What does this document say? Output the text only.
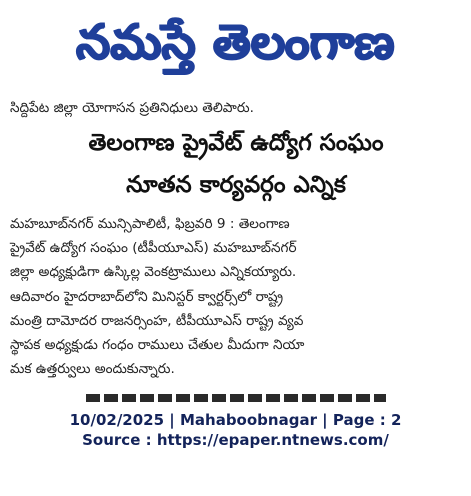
నమస్తే తెలంగాణ

సిద్దిపేట జిల్లా యోగాసన ప్రతినిధులు తెలిపారు.

తెలంగాణ ప్రైవేట్ ఉద్యోగ సంఘం
నూతన కార్యవర్గం ఎన్నిక
మహబూబ్‌నగర్ మున్సిపాలిటీ, ఫిబ్రవరి 9 : తెలంగాణ
ప్రైవేట్ ఉద్యోగ సంఘం (టీపీయూఎస్) మహబూబ్‌నగర్
జిల్లా అధ్యక్షుడిగా ఉస్కిల్ల వెంకట్రాములు ఎన్నికయ్యారు.
ఆదివారం హైదరాబాద్‌లోని మినిస్టర్ క్వార్టర్స్‌లో రాష్ట్ర
మంత్రి దామోదర రాజనర్సింహ, టీపీయూఎస్ రాష్ట్ర వ్యవ
స్థాపక అధ్యక్షుడు గంధం రాములు చేతుల మీదుగా నియా
మక ఉత్తర్వులు అందుకున్నారు.
10/02/2025 | Mahaboobnagar | Page : 2
Source : https://epaper.ntnews.com/
